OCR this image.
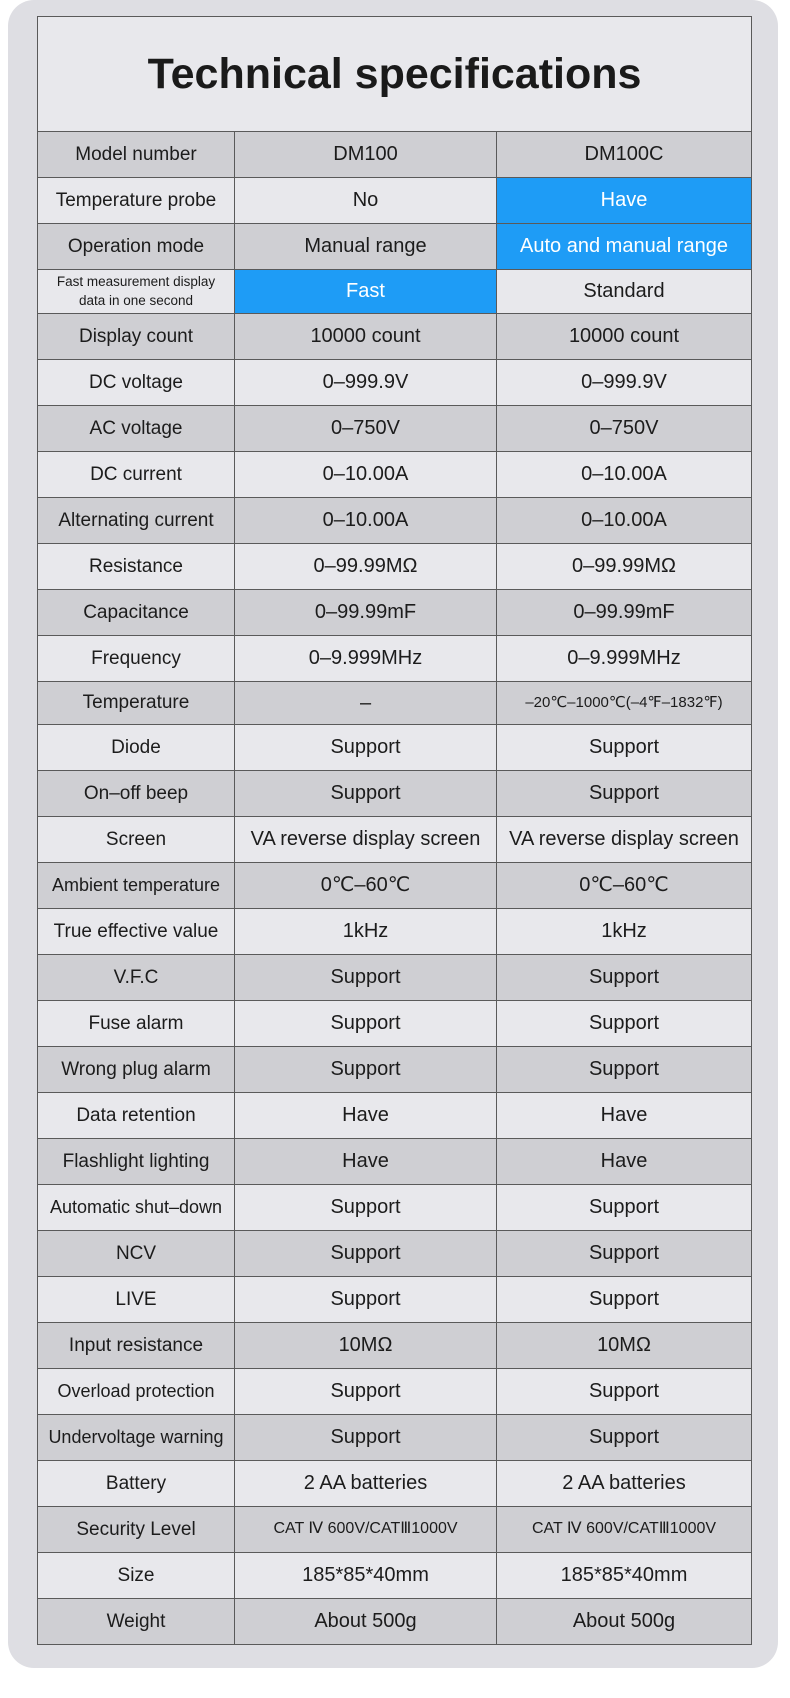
Technical specifications
Model number	DM100	DM100C
Temperature probe	No	Have
Operation mode	Manual range	Auto and manual range
Fast measurement display data in one second	Fast	Standard
Display count	10000 count	10000 count
DC voltage	0–999.9V	0–999.9V
AC voltage	0–750V	0–750V
DC current	0–10.00A	0–10.00A
Alternating current	0–10.00A	0–10.00A
Resistance	0–99.99MΩ	0–99.99MΩ
Capacitance	0–99.99mF	0–99.99mF
Frequency	0–9.999MHz	0–9.999MHz
Temperature	–	–20℃–1000℃(–4℉–1832℉)
Diode	Support	Support
On–off beep	Support	Support
Screen	VA reverse display screen	VA reverse display screen
Ambient temperature	0℃–60℃	0℃–60℃
True effective value	1kHz	1kHz
V.F.C	Support	Support
Fuse alarm	Support	Support
Wrong plug alarm	Support	Support
Data retention	Have	Have
Flashlight lighting	Have	Have
Automatic shut–down	Support	Support
NCV	Support	Support
LIVE	Support	Support
Input resistance	10MΩ	10MΩ
Overload protection	Support	Support
Undervoltage warning	Support	Support
Battery	2 AA batteries	2 AA batteries
Security Level	CAT Ⅳ 600V/CATⅢ1000V	CAT Ⅳ 600V/CATⅢ1000V
Size	185*85*40mm	185*85*40mm
Weight	About 500g	About 500g
